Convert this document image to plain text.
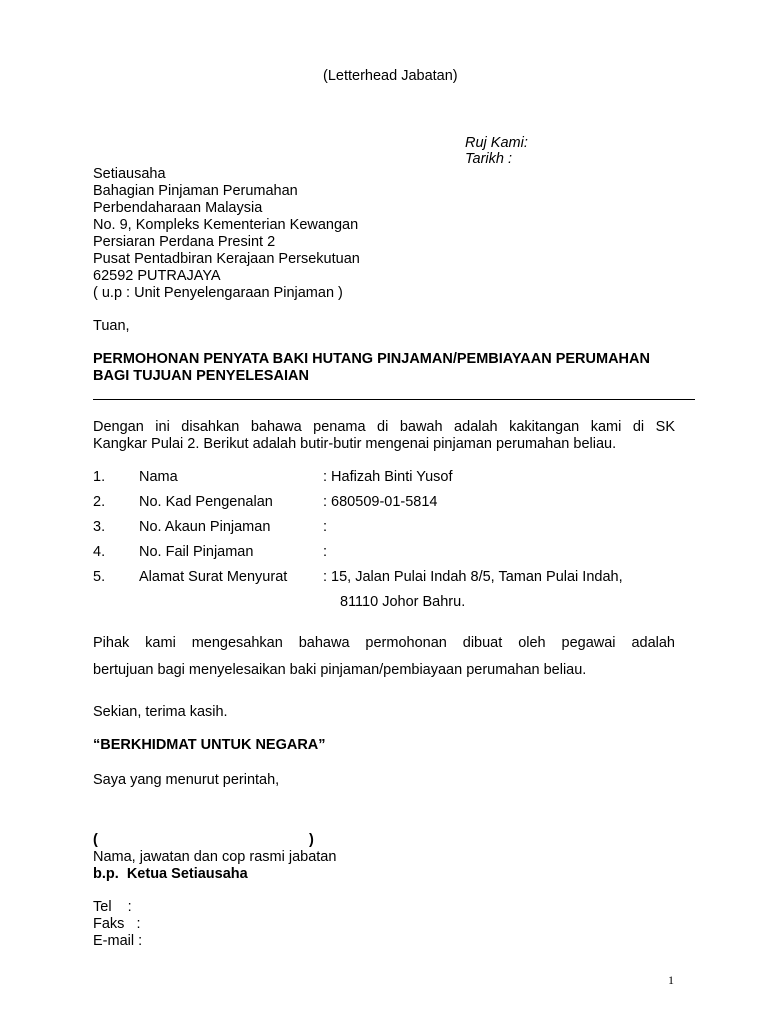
(Letterhead Jabatan)
Ruj Kami:
Tarikh :
Setiausaha
Bahagian Pinjaman Perumahan
Perbendaharaan Malaysia
No. 9, Kompleks Kementerian Kewangan
Persiaran Perdana Presint 2
Pusat Pentadbiran Kerajaan Persekutuan
62592 PUTRAJAYA
( u.p : Unit Penyelengaraan Pinjaman )
Tuan,
PERMOHONAN PENYATA BAKI HUTANG PINJAMAN/PEMBIAYAAN PERUMAHAN
BAGI TUJUAN PENYELESAIAN
Dengan ini disahkan bahawa penama di bawah adalah kakitangan kami di SK
Kangkar Pulai 2. Berikut adalah butir-butir mengenai pinjaman perumahan beliau.
1. Nama	: Hafizah Binti Yusof
2. No. Kad Pengenalan	: 680509-01-5814
3. No. Akaun Pinjaman	:
4. No. Fail Pinjaman	:
5. Alamat Surat Menyurat : 15, Jalan Pulai Indah 8/5, Taman Pulai Indah,
81110 Johor Bahru.
Pihak kami mengesahkan bahawa permohonan dibuat oleh pegawai adalah
bertujuan bagi menyelesaikan baki pinjaman/pembiayaan perumahan beliau.
Sekian, terima kasih.
“BERKHIDMAT UNTUK NEGARA”
Saya yang menurut perintah,
(	)
Nama, jawatan dan cop rasmi jabatan
b.p.  Ketua Setiausaha
Tel    :
Faks   :
E-mail :
1
